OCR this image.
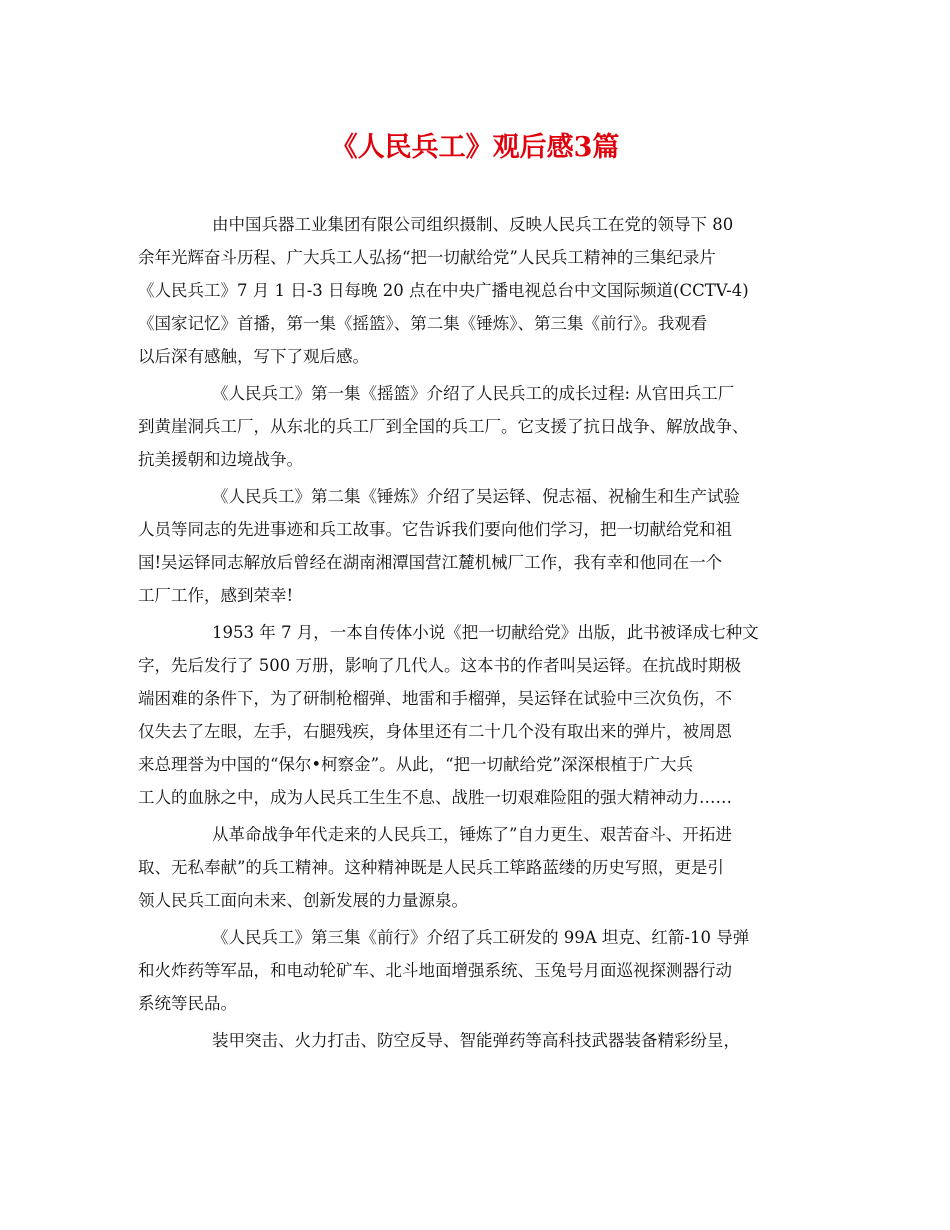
《人民兵工》观后感3篇

由中国兵器工业集团有限公司组织摄制、反映人民兵工在党的领导下 80
余年光辉奋斗历程、广大兵工人弘扬“把一切献给党”人民兵工精神的三集纪录片
《人民兵工》7 月 1 日-3 日每晚 20 点在中央广播电视总台中文国际频道(CCTV-4)
《国家记忆》首播，第一集《摇篮》、第二集《锤炼》、第三集《前行》。我观看
以后深有感触，写下了观后感。

《人民兵工》第一集《摇篮》介绍了人民兵工的成长过程: 从官田兵工厂
到黄崖洞兵工厂，从东北的兵工厂到全国的兵工厂。它支援了抗日战争、解放战争、
抗美援朝和边境战争。

《人民兵工》第二集《锤炼》介绍了吴运铎、倪志福、祝榆生和生产试验
人员等同志的先进事迹和兵工故事。它告诉我们要向他们学习，把一切献给党和祖
国!吴运铎同志解放后曾经在湖南湘潭国营江麓机械厂工作，我有幸和他同在一个
工厂工作，感到荣幸!

1953 年 7 月，一本自传体小说《把一切献给党》出版，此书被译成七种文
字，先后发行了 500 万册，影响了几代人。这本书的作者叫吴运铎。在抗战时期极
端困难的条件下，为了研制枪榴弹、地雷和手榴弹，吴运铎在试验中三次负伤，不
仅失去了左眼，左手，右腿残疾，身体里还有二十几个没有取出来的弹片，被周恩
来总理誉为中国的“保尔•柯察金”。从此，“把一切献给党”深深根植于广大兵
工人的血脉之中，成为人民兵工生生不息、战胜一切艰难险阻的强大精神动力……

从革命战争年代走来的人民兵工，锤炼了”自力更生、艰苦奋斗、开拓进
取、无私奉献”的兵工精神。这种精神既是人民兵工筚路蓝缕的历史写照，更是引
领人民兵工面向未来、创新发展的力量源泉。

《人民兵工》第三集《前行》介绍了兵工研发的 99A 坦克、红箭-10 导弹
和火炸药等军品，和电动轮矿车、北斗地面增强系统、玉兔号月面巡视探测器行动
系统等民品。

装甲突击、火力打击、防空反导、智能弹药等高科技武器装备精彩纷呈，
